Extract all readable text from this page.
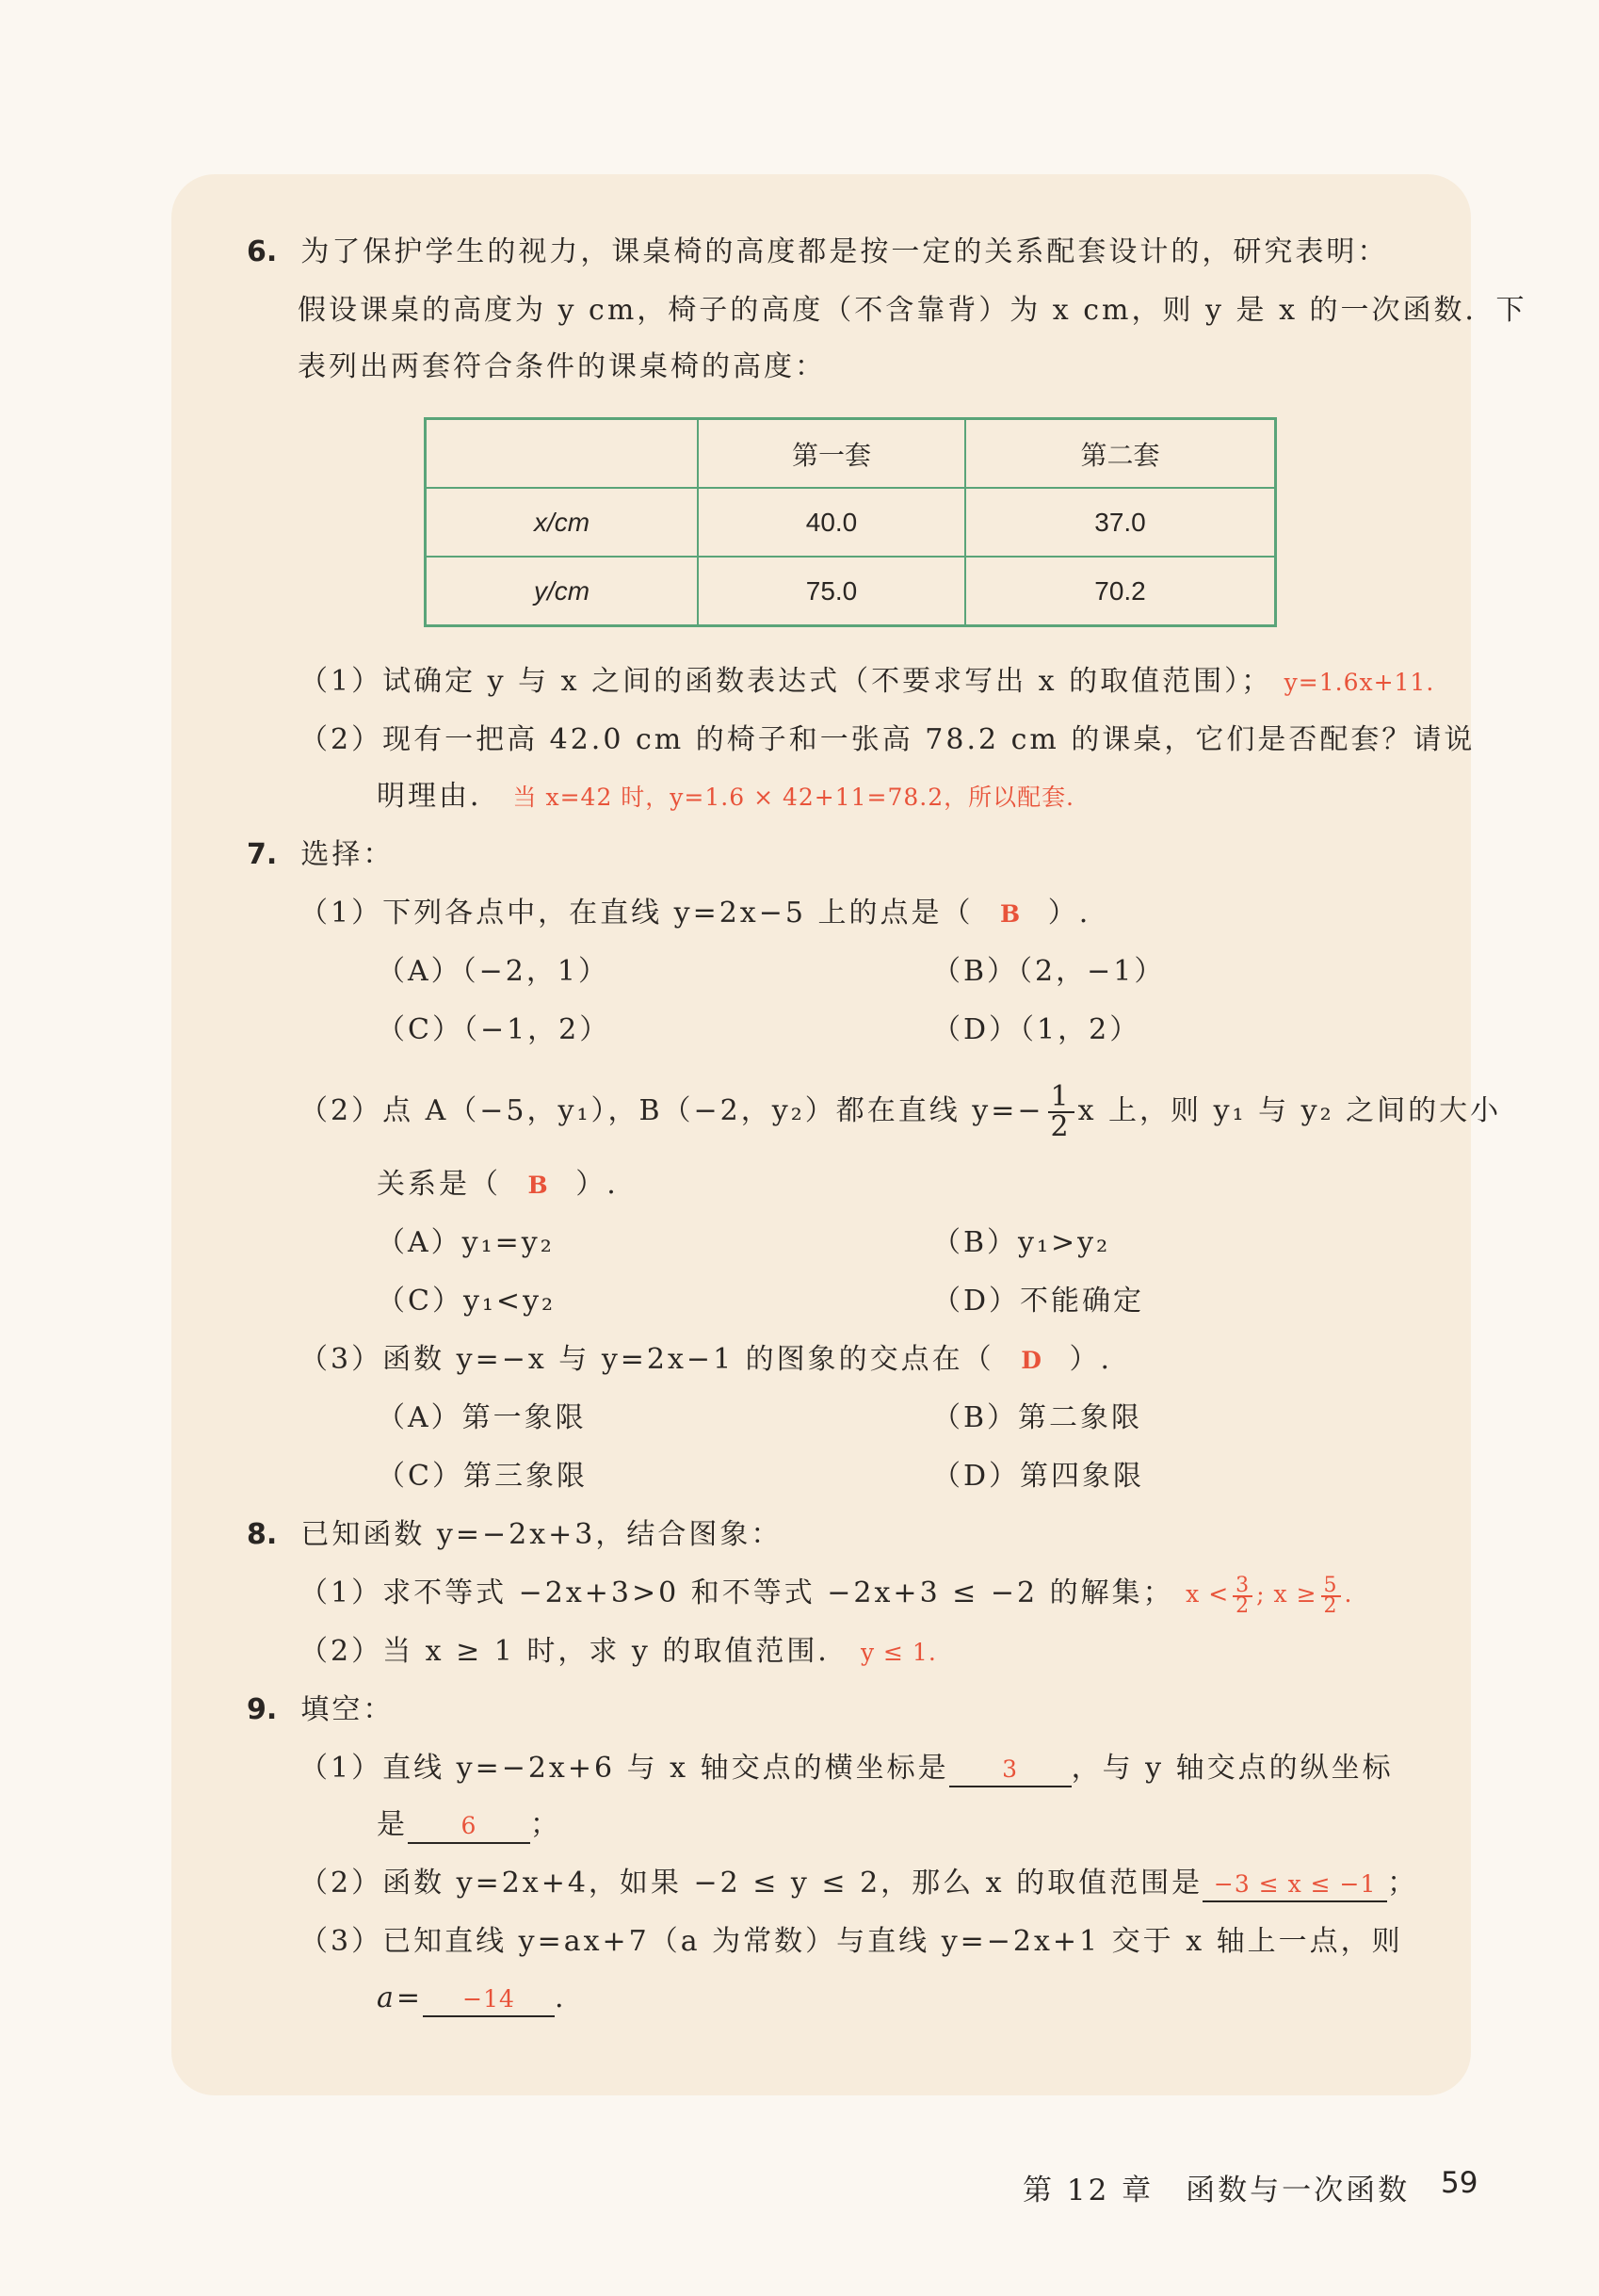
6. 为了保护学生的视力，课桌椅的高度都是按一定的关系配套设计的，研究表明：
假设课桌的高度为 y cm，椅子的高度（不含靠背）为 x cm，则 y 是 x 的一次函数．下
表列出两套符合条件的课桌椅的高度：
	第一套	第二套
x/cm	40.0	37.0
y/cm	75.0	70.2
（1）试确定 y 与 x 之间的函数表达式（不要求写出 x 的取值范围）； y=1.6x+11.
（2）现有一把高 42.0 cm 的椅子和一张高 78.2 cm 的课桌，它们是否配套？请说
明理由． 当 x=42 时，y=1.6 × 42+11=78.2，所以配套．
7. 选择：
（1）下列各点中，在直线 y=2x−5 上的点是（ B ）.
（A）（−2，1）	（B）（2，−1）
（C）（−1，2）	（D）（1，2）
（2）点 A（−5，y₁），B（−2，y₂）都在直线 $y=- \frac{1}{2}$ x 上，则 y₁ 与 y₂ 之间的大小
关系是（ B ）.
（A）y₁=y₂	（B）y₁>y₂
（C）y₁<y₂	（D）不能确定
（3）函数 y=−x 与 y=2x−1 的图象的交点在（ D ）.
（A）第一象限	（B）第二象限
（C）第三象限	（D）第四象限
8. 已知函数 y=−2x+3，结合图象：
（1）求不等式 −2x+3>0 和不等式 −2x+3 ≤ −2 的解集； $x < \frac{3}{2}$ ; $x \ge \frac{5}{2}$ .
（2）当 x ≥ 1 时，求 y 的取值范围． y ≤ 1.
9. 填空：
（1）直线 y=−2x+6 与 x 轴交点的横坐标是 3 ，与 y 轴交点的纵坐标
是 6 ；
（2）函数 y=2x+4，如果 −2 ≤ y ≤ 2，那么 x 的取值范围是 −3 ≤ x ≤ −1 ；
（3）已知直线 y=ax+7（a 为常数）与直线 y=−2x+1 交于 x 轴上一点，则
a= −14 .
第 12 章　函数与一次函数 59
